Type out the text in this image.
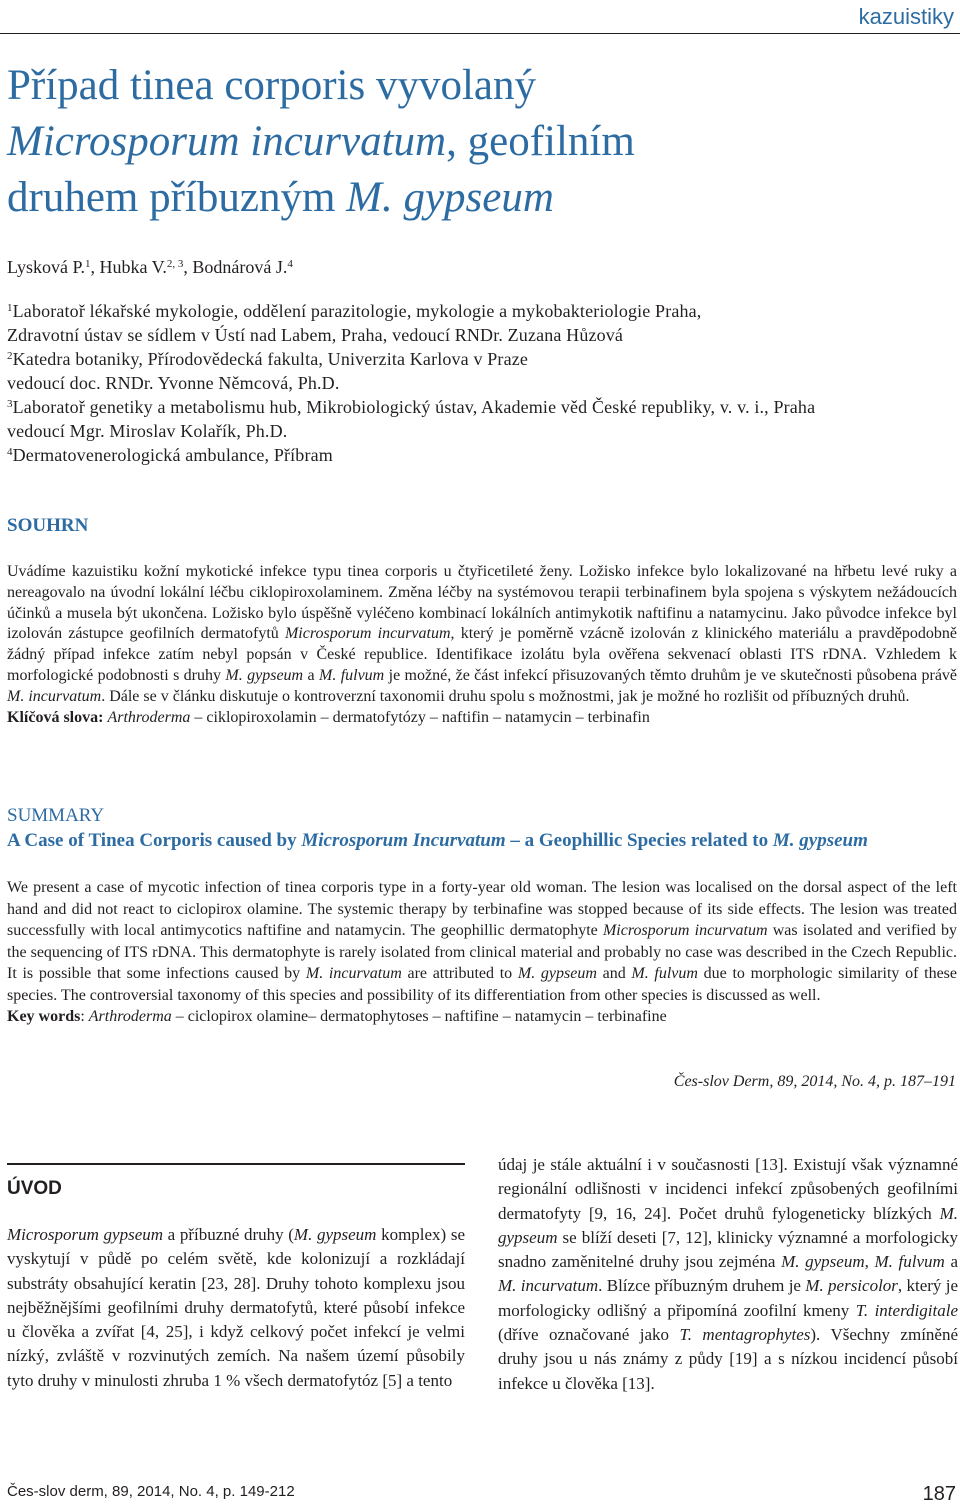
kazuistiky
Případ tinea corporis vyvolaný
Microsporum incurvatum, geofilním
druhem příbuzným M. gypseum
Lysková P.$^1$, Hubka V.$^{2, 3}$, Bodnárová J.$^4$
$^1$Laboratoř lékařské mykologie, oddělení parazitologie, mykologie a mykobakteriologie Praha,
Zdravotní ústav se sídlem v Ústí nad Labem, Praha, vedoucí RNDr. Zuzana Hůzová
$^2$Katedra botaniky, Přírodovědecká fakulta, Univerzita Karlova v Praze
vedoucí doc. RNDr. Yvonne Němcová, Ph.D.
$^3$Laboratoř genetiky a metabolismu hub, Mikrobiologický ústav, Akademie věd České republiky, v. v. i., Praha
vedoucí Mgr. Miroslav Kolařík, Ph.D.
$^4$Dermatovenerologická ambulance, Příbram
SOUHRN
Uvádíme kazuistiku kožní mykotické infekce typu tinea corporis u čtyřicetileté ženy. Ložisko infekce bylo lokalizované na hřbetu levé ruky a nereagovalo na úvodní lokální léčbu ciklopiroxolaminem. Změna léčby na systémovou terapii terbinafinem byla spojena s výskytem nežádoucích účinků a musela být ukončena. Ložisko bylo úspěšně vyléčeno kombinací lokálních antimykotik naftifinu a natamycinu. Jako původce infekce byl izolován zástupce geofilních dermatofytů Microsporum incurvatum, který je poměrně vzácně izolován z klinického materiálu a pravděpodobně žádný případ infekce zatím nebyl popsán v České republice. Identifikace izolátu byla ověřena sekvenací oblasti ITS rDNA. Vzhledem k morfologické podobnosti s druhy M. gypseum a M. fulvum je možné, že část infekcí přisuzovaných těmto druhům je ve skutečnosti působena právě M. incurvatum. Dále se v článku diskutuje o kontroverzní taxonomii druhu spolu s možnostmi, jak je možné ho rozlišit od příbuzných druhů.
Klíčová slova: Arthroderma – ciklopiroxolamin – dermatofytózy – naftifin – natamycin – terbinafin
SUMMARY
A Case of Tinea Corporis caused by Microsporum Incurvatum – a Geophillic Species related to M. gypseum
We present a case of mycotic infection of tinea corporis type in a forty-year old woman. The lesion was localised on the dorsal aspect of the left hand and did not react to ciclopirox olamine. The systemic therapy by terbinafine was stopped because of its side effects. The lesion was treated successfully with local antimycotics naftifine and natamycin. The geophillic dermatophyte Microsporum incurvatum was isolated and verified by the sequencing of ITS rDNA. This dermatophyte is rarely isolated from clinical material and probably no case was described in the Czech Republic. It is possible that some infections caused by M. incurvatum are attributed to M. gypseum and M. fulvum due to morphologic similarity of these species. The controversial taxonomy of this species and possibility of its differentiation from other species is discussed as well.
Key words: Arthroderma – ciclopirox olamine– dermatophytoses – naftifine – natamycin – terbinafine
Čes-slov Derm, 89, 2014, No. 4, p. 187–191
ÚVOD
Microsporum gypseum a příbuzné druhy (M. gypseum komplex) se vyskytují v půdě po celém světě, kde kolonizují a rozkládají substráty obsahující keratin [23, 28]. Druhy tohoto komplexu jsou nejběžnějšími geofilními druhy dermatofytů, které působí infekce u člověka a zvířat [4, 25], i když celkový počet infekcí je velmi nízký, zvláště v rozvinutých zemích. Na našem území působily tyto druhy v minulosti zhruba 1 % všech dermatofytóz [5] a tento
údaj je stále aktuální i v současnosti [13]. Existují však významné regionální odlišnosti v incidenci infekcí způsobených geofilními dermatofyty [9, 16, 24]. Počet druhů fylogeneticky blízkých M. gypseum se blíží deseti [7, 12], klinicky významné a morfologicky snadno zaměnitelné druhy jsou zejména M. gypseum, M. fulvum a M. incurvatum. Blízce příbuzným druhem je M. persicolor, který je morfologicky odlišný a připomíná zoofilní kmeny T. interdigitale (dříve označované jako T. mentagrophytes). Všechny zmíněné druhy jsou u nás známy z půdy [19] a s nízkou incidencí působí infekce u člověka [13].
Čes-slov derm, 89, 2014, No. 4, p. 149-212	187
